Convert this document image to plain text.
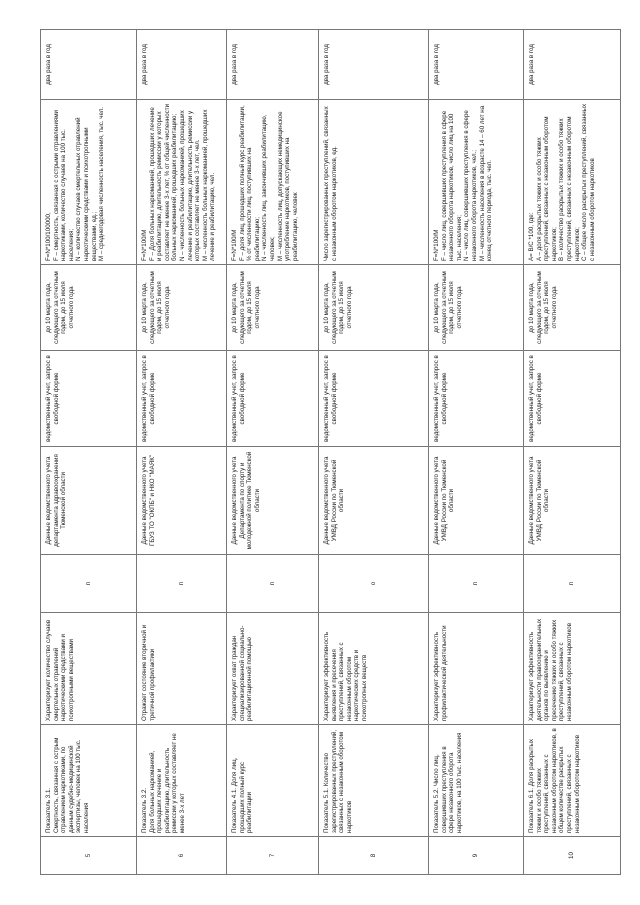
5	Показатель 3.1.
Смертность, связанная с острым отравлением наркотиками, по данным судебно-медицинской экспертизы, человек на 100 тыс. населения	Характеризует количество случаев смертельных отравлений наркотическими средствами и психотропными веществами	п	Данные ведомственного учета департамента здравоохранения Тюменской области	ведомственный учет, запрос в свободной форме	до 10 марта года, следующего за отчетным годом, до 15 июля отчетного года	F=N*100/100000,
F – смертность, связанная с острыми отравлениями наркотиками, количество случаев на 100 тыс. населения;
N – количество случаев смертельных отравлений наркотическими средствами и психотропными веществами, ед.;
M – среднегодовая численность населения, тыс. чел.	два раза в год
6	Показатель 3.2.
Доля больных наркоманией, прошедших лечение и реабилитацию, длительность ремиссии у которых составляет не менее 3-х лет	Отражает состояние вторичной и третичной профилактики	п	Данные ведомственного учета ГБУЗ ТО "ОКПБ" и НКО "МАЯК"	ведомственный учет, запрос в свободной форме	до 10 марта года, следующего за отчетным годом, до 15 июля отчетного года	F=N*100/M
F – Доля больных наркоманией, прошедших лечение и реабилитацию, длительность ремиссии у которых составляет не менее 3-х лет, % от общей численности больных наркоманией, прошедших реабилитацию;
N – численность больных наркоманией, прошедших лечение и реабилитацию, длительность ремиссии у которых составляет не менее 3-х лет, чел.
M – численность больных наркоманией, прошедших лечение и реабилитацию, чел.	два раза в год
7	Показатель 4.1. Доля лиц, прошедших полный курс реабилитации	Характеризует охват граждан специализированной социально-реабилитационной помощью	п	Данные ведомственного учета Департамента по спорту и молодежной политике Тюменской области	ведомственный учет, запрос в свободной форме	до 10 марта года, следующего за отчетным годом, до 15 июля отчетного года	F=N*100/M
F – доля лиц, прошедших полный курс реабилитации, % от численности лиц, поступивших на реабилитацию;
N – численность лиц, закончивших реабилитацию, человек;
M – численность лиц, допускающих немедицинское употребление наркотиков, поступивших на реабилитацию, человек	два раза в год
8	Показатель 5.1. Количество зарегистрированных преступлений, связанных с незаконным оборотом наркотиков	Характеризует эффективность выявления и пресечения преступлений, связанных с незаконным оборотом наркотических средств и психотропных веществ	о	Данные ведомственного учета УМВД России по Тюменской области	ведомственный учет, запрос в свободной форме	до 10 марта года, следующего за отчетным годом, до 15 июля отчетного года	Число зарегистрированных преступлений, связанных с незаконным оборотом наркотиков, ед.	два раза в год
9	Показатель 5.2. Число лиц, совершивших преступления в сфере незаконного оборота наркотиков, на 100 тыс. населения	Характеризует эффективность профилактической деятельности	п	Данные ведомственного учета УМВД России по Тюменской области	ведомственный учет, запрос в свободной форме	до 10 марта года, следующего за отчетным годом, до 15 июля отчетного года	F=N*100/M
F – число лиц, совершивших преступления в сфере незаконного оборота наркотиков, число лиц на 100 тыс. населения;
N – число лиц, совершивших преступления в сфере незаконного оборота наркотиков, чел.;
M – численность населения в возрасте 14 – 60 лет на конец отчетного периода, тыс. чел.	два раза в год
10	Показатель 6.1. Доля раскрытых тяжких и особо тяжких преступлений, связанных с незаконным оборотом наркотиков, в общем количестве раскрытых преступлений, связанных с незаконным оборотом наркотиков	Характеризует эффективность деятельности правоохранительных органов по выявлению и пресечению тяжких и особо тяжких преступлений, связанных с незаконным оборотом наркотиков	п	Данные ведомственного учета УМВД России по Тюменской области	ведомственный учет, запрос в свободной форме	до 10 марта года, следующего за отчетным годом, до 15 июля отчетного года	A= В/С *100, где:
A – доля раскрытых тяжких и особо тяжких преступлений, связанных с незаконным оборотом наркотиков;
В – количество раскрытых тяжких и особо тяжких преступлений, связанных с незаконным оборотом наркотиков;
С – общее число раскрытых преступлений, связанных с незаконным оборотом наркотиков	два раза в год
